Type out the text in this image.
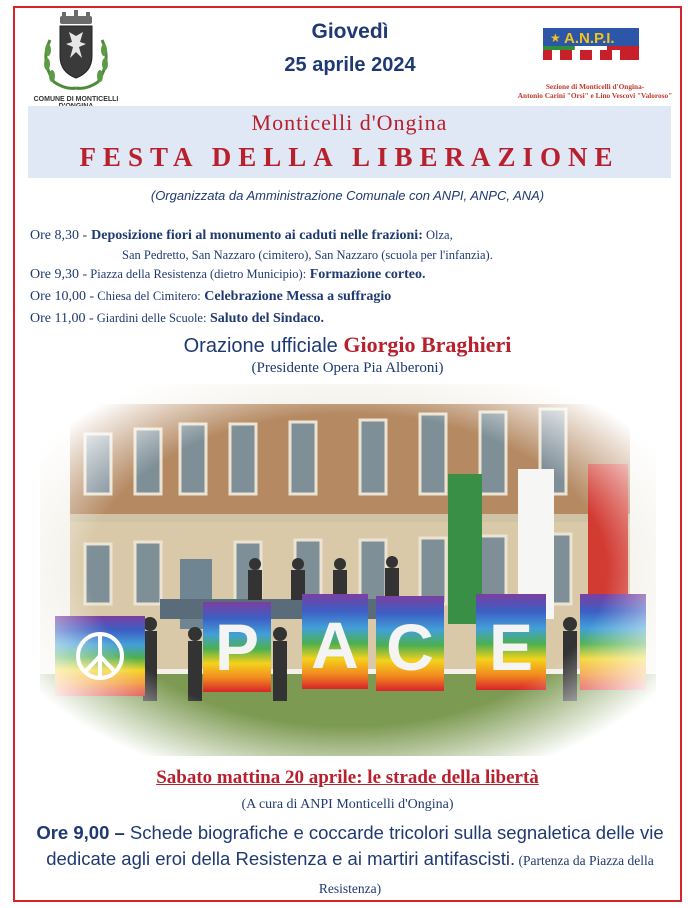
COMUNE DI MONTICELLI
Giovedì
25 aprile 2024
★ A.N.P.I.
Sezione di Monticelli d'Ongina-
Antonio Carini "Orsi" e Lino Vescovi "Valoroso"
Monticelli d'Ongina
FESTA DELLA LIBERAZIONE
(Organizzata da Amministrazione Comunale con ANPI, ANPC, ANA)
Ore 8,30 - Deposizione fiori al monumento ai caduti nelle frazioni: Olza,
San Pedretto, San Nazzaro (cimitero), San Nazzaro (scuola per l'infanzia).
Ore 9,30 - Piazza della Resistenza (dietro Municipio): Formazione corteo.
Ore 10,00 - Chiesa del Cimitero: Celebrazione Messa a suffragio
Ore 11,00 - Giardini delle Scuole: Saluto del Sindaco.
Orazione ufficiale Giorgio Braghieri
(Presidente Opera Pia Alberoni)
Sabato mattina 20 aprile: le strade della libertà
(A cura di ANPI Monticelli d'Ongina)
Ore 9,00 – Schede biografiche e coccarde tricolori sulla segnaletica delle vie dedicate agli eroi della Resistenza e ai martiri antifascisti. (Partenza da Piazza della Resistenza)
